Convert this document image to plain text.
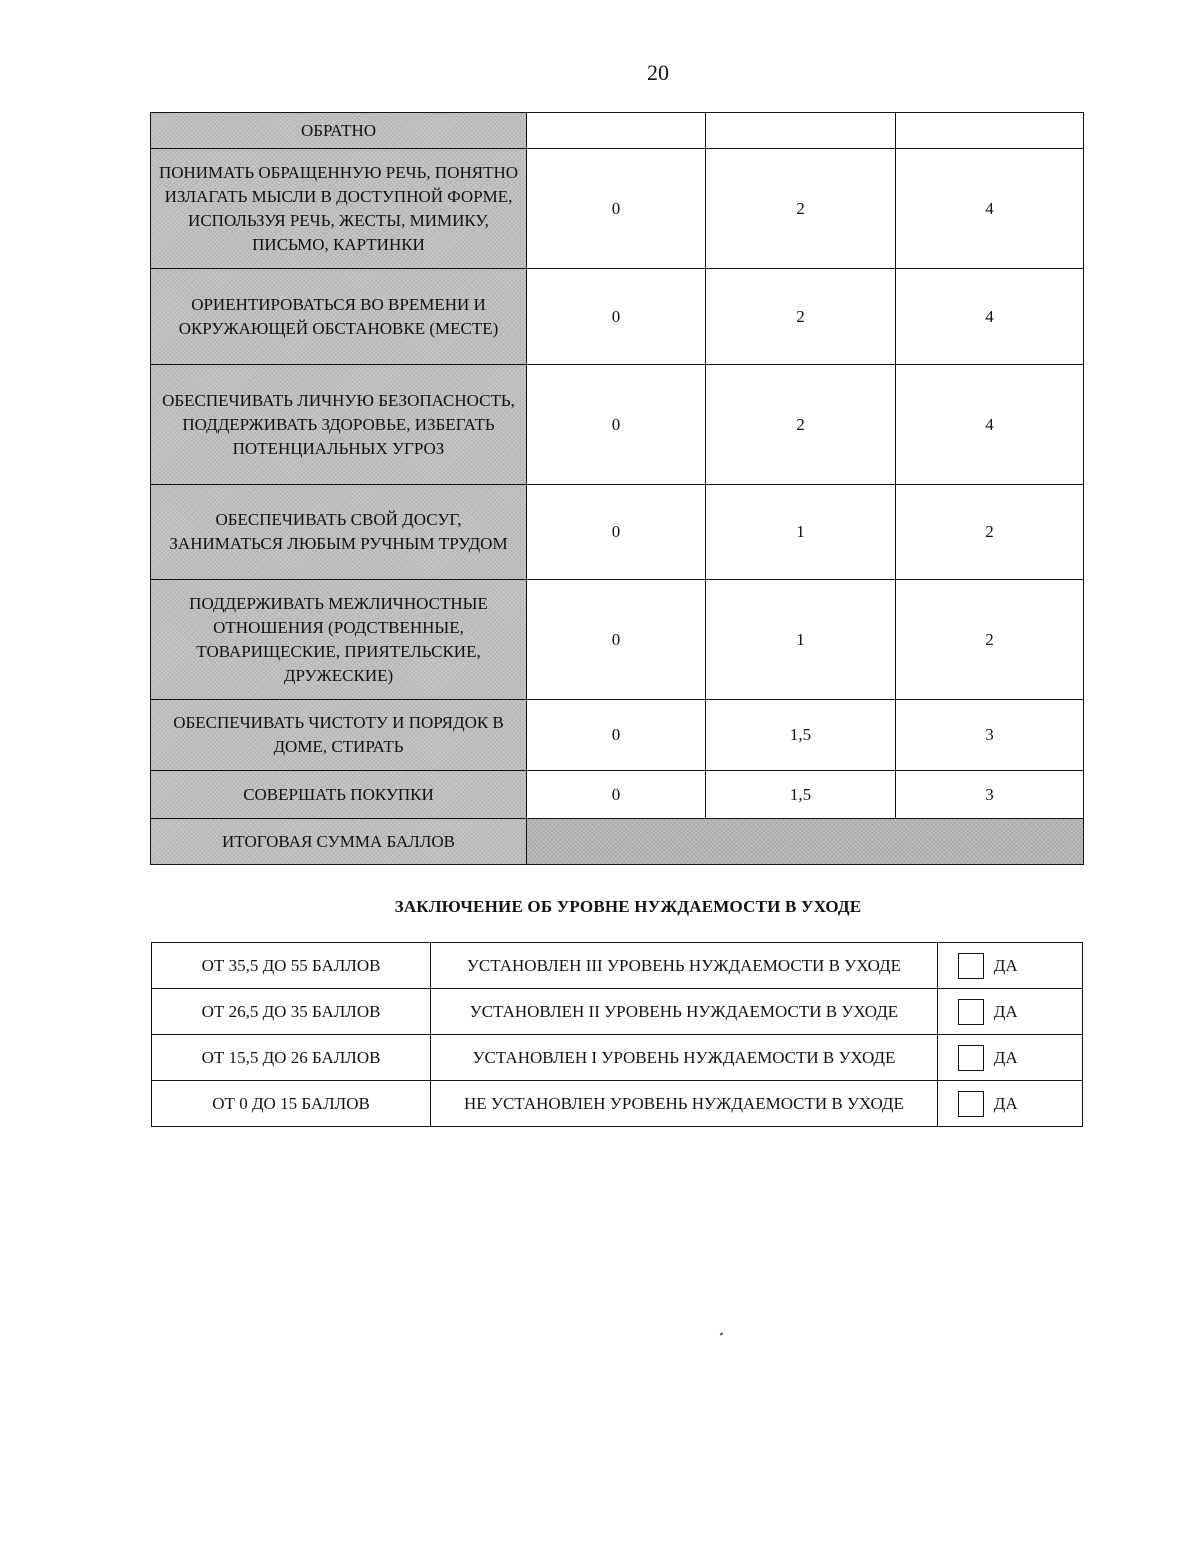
20
ОБРАТНО			
ПОНИМАТЬ ОБРАЩЕННУЮ РЕЧЬ, ПОНЯТНО ИЗЛАГАТЬ МЫСЛИ В ДОСТУПНОЙ ФОРМЕ, ИСПОЛЬЗУЯ РЕЧЬ, ЖЕСТЫ, МИМИКУ, ПИСЬМО, КАРТИНКИ	0	2	4
ОРИЕНТИРОВАТЬСЯ ВО ВРЕМЕНИ И ОКРУЖАЮЩЕЙ ОБСТАНОВКЕ (МЕСТЕ)	0	2	4
ОБЕСПЕЧИВАТЬ ЛИЧНУЮ БЕЗОПАСНОСТЬ, ПОДДЕРЖИВАТЬ ЗДОРОВЬЕ, ИЗБЕГАТЬ ПОТЕНЦИАЛЬНЫХ УГРОЗ	0	2	4
ОБЕСПЕЧИВАТЬ СВОЙ ДОСУГ, ЗАНИМАТЬСЯ ЛЮБЫМ РУЧНЫМ ТРУДОМ	0	1	2
ПОДДЕРЖИВАТЬ МЕЖЛИЧНОСТНЫЕ ОТНОШЕНИЯ (РОДСТВЕННЫЕ, ТОВАРИЩЕСКИЕ, ПРИЯТЕЛЬСКИЕ, ДРУЖЕСКИЕ)	0	1	2
ОБЕСПЕЧИВАТЬ ЧИСТОТУ И ПОРЯДОК В ДОМЕ, СТИРАТЬ	0	1,5	3
СОВЕРШАТЬ ПОКУПКИ	0	1,5	3
ИТОГОВАЯ СУММА БАЛЛОВ			
ЗАКЛЮЧЕНИЕ ОБ УРОВНЕ НУЖДАЕМОСТИ В УХОДЕ
ОТ 35,5 ДО 55 БАЛЛОВ	УСТАНОВЛЕН III УРОВЕНЬ НУЖДАЕМОСТИ В УХОДЕ	ДА
ОТ 26,5 ДО 35 БАЛЛОВ	УСТАНОВЛЕН II УРОВЕНЬ НУЖДАЕМОСТИ В УХОДЕ	ДА
ОТ 15,5 ДО 26 БАЛЛОВ	УСТАНОВЛЕН I УРОВЕНЬ НУЖДАЕМОСТИ В УХОДЕ	ДА
ОТ 0 ДО 15 БАЛЛОВ	НЕ УСТАНОВЛЕН УРОВЕНЬ НУЖДАЕМОСТИ В УХОДЕ	ДА
